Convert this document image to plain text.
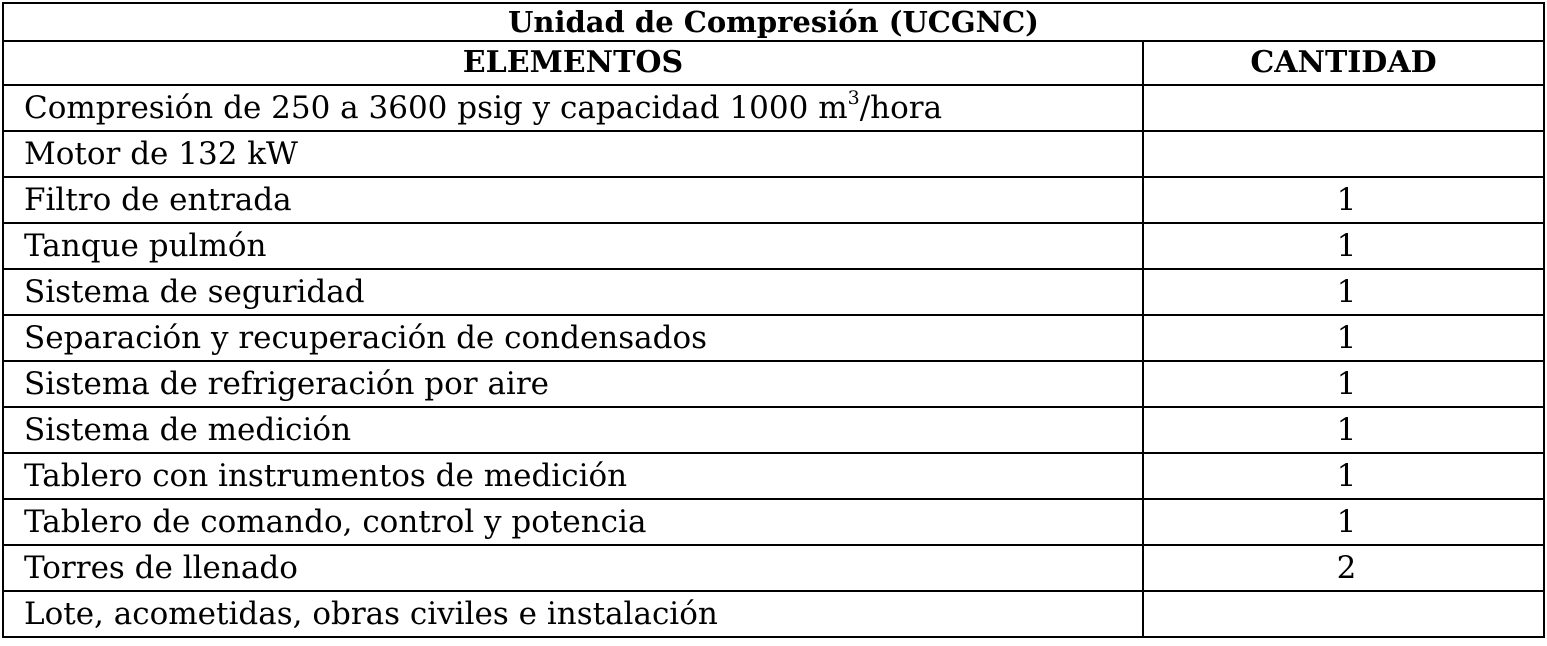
Unidad de Compresión (UCGNC)	
ELEMENTOS	CANTIDAD
Compresión de 250 a 3600 psig y capacidad 1000 $m^3$/hora	
Motor de 132 kW	
Filtro de entrada	1
Tanque pulmón	1
Sistema de seguridad	1
Separación y recuperación de condensados	1
Sistema de refrigeración por aire	1
Sistema de medición	1
Tablero con instrumentos de medición	1
Tablero de comando, control y potencia	1
Torres de llenado	2
Lote, acometidas, obras civiles e instalación	
